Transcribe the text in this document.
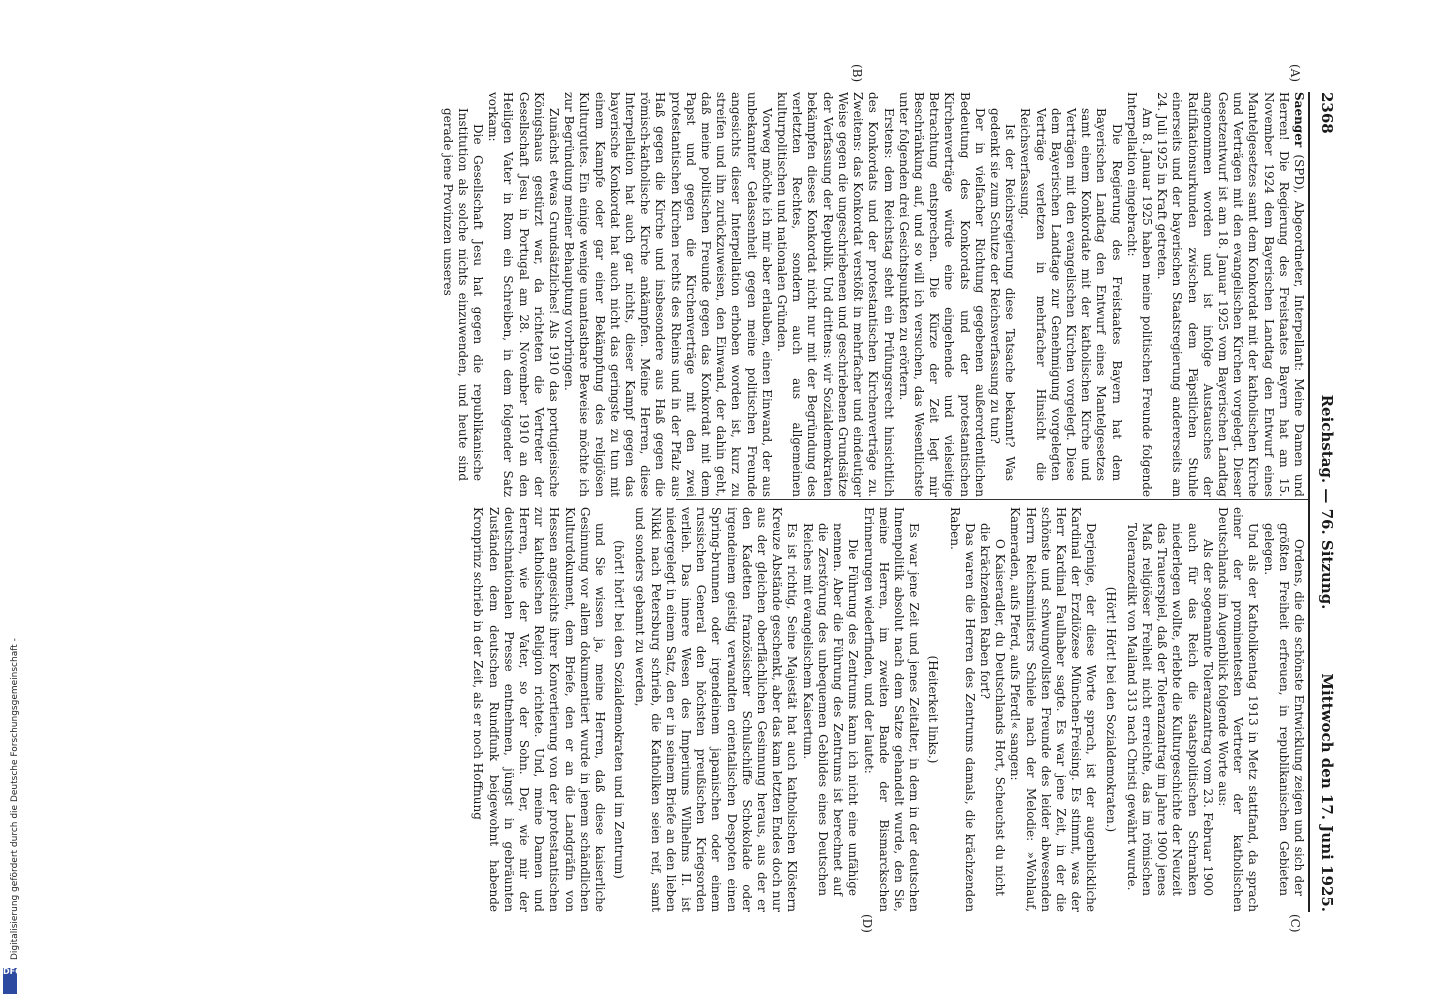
2368
Reichstag. — 76. Sitzung.
Mittwoch den 17. Juni 1925.
(A)
(B)
(C)
(D)

Saenger (SPD), Abgeordneter, Interpellant: Meine Damen und Herren! Die Regierung des Freistaates Bayern hat am 15. November 1924 dem Bayerischen Landtag den Entwurf eines Mantelgesetzes samt dem Konkordat mit der katholischen Kirche und Verträgen mit den evangelischen Kirchen vorgelegt. Dieser Gesetzentwurf ist am 18. Januar 1925 vom Bayerischen Landtag angenommen worden und ist infolge Austausches der Ratifikationsurkunden zwischen dem Päpstlichen Stuhle einerseits und der bayerischen Staatsregierung andererseits am 24. Juli 1925 in Kraft getreten.

Am 8. Januar 1925 haben meine politischen Freunde folgende Interpellation eingebracht:

Die Regierung des Freistaates Bayern hat dem Bayerischen Landtag den Entwurf eines Mantelgesetzes samt einem Konkordate mit der katholischen Kirche und Verträgen mit den evangelischen Kirchen vorgelegt. Diese dem Bayerischen Landtage zur Genehmigung vorgelegten Verträge verletzen in mehrfacher Hinsicht die Reichsverfassung.

Ist der Reichsregierung diese Tatsache bekannt? Was gedenkt sie zum Schutze der Reichsverfassung zu tun?

Der in vielfacher Richtung gegebenen außerordentlichen Bedeutung des Konkordats und der protestantischen Kirchenverträge würde eine eingehende und vielseitige Betrachtung entsprechen. Die Kürze der Zeit legt mir Beschränkung auf, und so will ich versuchen, das Wesentlichste unter folgenden drei Gesichtspunkten zu erörtern.

Erstens: dem Reichstag steht ein Prüfungsrecht hinsichtlich des Konkordats und der protestantischen Kirchenverträge zu. Zweitens: das Konkordat verstößt in mehrfacher und eindeutiger Weise gegen die ungeschriebenen und geschriebenen Grundsätze der Verfassung der Republik. Und drittens: wir Sozialdemokraten bekämpfen dieses Konkordat nicht nur mit der Begründung des verletzten Rechtes, sondern auch aus allgemeinen kulturpolitischen und nationalen Gründen.

Vorweg möchte ich mir aber erlauben, einen Einwand, der aus unbekannter Gelassenheit gegen meine politischen Freunde angesichts dieser Interpellation erhoben worden ist, kurz zu streifen und ihn zurückzuweisen, den Einwand, der dahin geht, daß meine politischen Freunde gegen das Konkordat mit dem Papst und gegen die Kirchenverträge mit den zwei protestantischen Kirchen rechts des Rheins und in der Pfalz aus Haß gegen die Kirche und insbesondere aus Haß gegen die römisch-katholische Kirche ankämpfen. Meine Herren, diese Interpellation hat auch gar nichts, dieser Kampf gegen das bayerische Konkordat hat auch nicht das geringste zu tun mit einem Kampfe oder gar einer Bekämpfung des religiösen Kulturgutes. Ein einige wenige unantastbare Beweise möchte ich zur Begründung meiner Behauptung vorbringen.

Zunächst etwas Grundsätzliches! Als 1910 das portugiesische Königshaus gestürzt war, da richteten die Vertreter der Gesellschaft Jesu in Portugal am 28. November 1910 an den Heiligen Vater in Rom ein Schreiben, in dem folgender Satz vorkam:

Die Gesellschaft Jesu hat gegen die republikanische Institution als solche nichts einzuwenden, und heute sind gerade jene Provinzen unseres

Ordens, die die schönste Entwicklung zeigen und sich der größten Freiheit erfreuen, in republikanischen Gebieten gelegen.

Und als der Katholikentag 1913 in Metz stattfand, da sprach einer der prominentesten Vertreter der katholischen Deutschlands im Augenblick folgende Worte aus:

Als der sogenannte Toleranzantrag vom 23. Februar 1900 auch für das Reich die staatspolitischen Schranken niederlegen wollte, erlebte die Kulturgeschichte der Neuzeit das Trauerspiel, daß der Toleranzantrag im Jahre 1900 jenes Maß religiöser Freiheit nicht erreichte, das im römischen Toleranzedikt von Mailand 313 nach Christi gewährt wurde.

(Hört! Hört! bei den Sozialdemokraten.)

Derjenige, der diese Worte sprach, ist der augenblickliche Kardinal der Erzdiözese München-Freising. Es stimmt, was der Herr Kardinal Faulhaber sagte. Es war jene Zeit, in der die schönste und schwungvollsten Freunde des leider abwesenden Herrn Reichsministers Schiele nach der Melodie: »Wohlauf, Kameraden, aufs Pferd, aufs Pferd!« sangen:

O Kaiseradler, du Deutschlands Hort, Scheuchst du nicht die krächzenden Raben fort?

Das waren die Herren des Zentrums damals, die krächzenden Raben.

(Heiterkeit links.)

Es war jene Zeit und jenes Zeitalter, in dem in der deutschen Innenpolitik absolut nach dem Satze gehandelt wurde, den Sie, meine Herren, im zweiten Bande der Bismarckschen Erinnerungen wiederfinden, und der lautet:

Die Führung des Zentrums kann ich nicht eine unfähige nennen. Aber die Führung des Zentrums ist berechnet auf die Zerstörung des unbequemen Gebildes eines Deutschen Reiches mit evangelischem Kaisertum.

Es ist richtig, Seine Majestät hat auch katholischen Klöstern Kreuze Abstände geschenkt, aber das kam letzten Endes doch nur aus der gleichen oberflächlichen Gesinnung heraus, aus der er den Kadetten französischer Schulschiffe Schokolade oder irgendeinem geistig verwandten orientalischen Despoten einen Spring-brunnen oder irgendeinem japanischen oder einem russischen General den höchsten preußischen Kriegsorden verlieh. Das innere Wesen des Imperiums Wilhelms II. ist niedergelegt in einem Satz, den er in seinem Briefe an den lieben Nikki nach Petersburg schrieb, die Katholiken seien reif, samt und sonders gebannt zu werden,

(hört! hört! bei den Sozialdemokraten und im Zentrum)

und Sie wissen ja, meine Herren, daß diese kaiserliche Gesinnung vor allem dokumentiert wurde in jenem schändlichen Kulturdokument, dem Briefe, den er an die Landgräfin von Hessen angesichts ihrer Konvertierung von der protestantischen zur katholischen Religion richtete. Und, meine Damen und Herren, wie der Vater, so der Sohn. Der, wie mir der deutschnationalen Presse entnehmen, jüngst in gebräunten Zuständen dem deutschen Rundfunk beigewohnt habende Kronprinz schrieb in der Zeit, als er noch Hoffnung

Digitalisierung gefördert durch die Deutsche Forschungsgemeinschaft -
DFG
